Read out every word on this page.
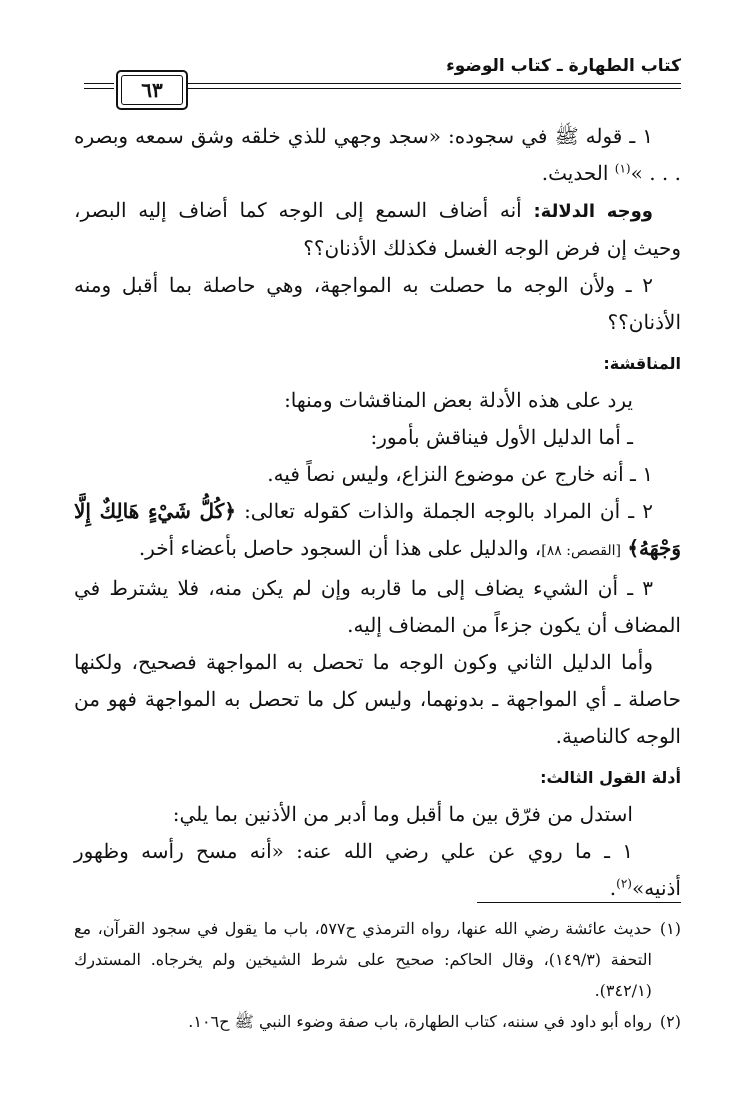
كتاب الطهارة ـ كتاب الوضوء
٦٣

١ ـ قوله ﷺ في سجوده: «سجد وجهي للذي خلقه وشق سمعه وبصره . . . »$^{(١)}$ الحديث.

ووجه الدلالة: أنه أضاف السمع إلى الوجه كما أضاف إليه البصر، وحيث إن فرض الوجه الغسل فكذلك الأذنان؟؟

٢ ـ ولأن الوجه ما حصلت به المواجهة، وهي حاصلة بما أقبل ومنه الأذنان؟؟

المناقشة:

يرد على هذه الأدلة بعض المناقشات ومنها:

ـ أما الدليل الأول فيناقش بأمور:

١ ـ أنه خارج عن موضوع النزاع، وليس نصاً فيه.

٢ ـ أن المراد بالوجه الجملة والذات كقوله تعالى: ﴿كُلُّ شَيْءٍ هَالِكٌ إِلَّا وَجْهَهُ﴾ [القصص: ٨٨]، والدليل على هذا أن السجود حاصل بأعضاء أخر.

٣ ـ أن الشيء يضاف إلى ما قاربه وإن لم يكن منه، فلا يشترط في المضاف أن يكون جزءاً من المضاف إليه.

وأما الدليل الثاني وكون الوجه ما تحصل به المواجهة فصحيح، ولكنها حاصلة ـ أي المواجهة ـ بدونهما، وليس كل ما تحصل به المواجهة فهو من الوجه كالناصية.

أدلة القول الثالث:

استدل من فرّق بين ما أقبل وما أدبر من الأذنين بما يلي:

١ ـ ما روي عن علي رضي الله عنه: «أنه مسح رأسه وظهور أذنيه»$^{(٢)}$.

(١)
حديث عائشة رضي الله عنها، رواه الترمذي ح٥٧٧، باب ما يقول في سجود القرآن، مع التحفة (١٤٩/٣)، وقال الحاكم: صحيح على شرط الشيخين ولم يخرجاه. المستدرك (٣٤٢/١).

(٢)
رواه أبو داود في سننه، كتاب الطهارة، باب صفة وضوء النبي ﷺ ح١٠٦.
